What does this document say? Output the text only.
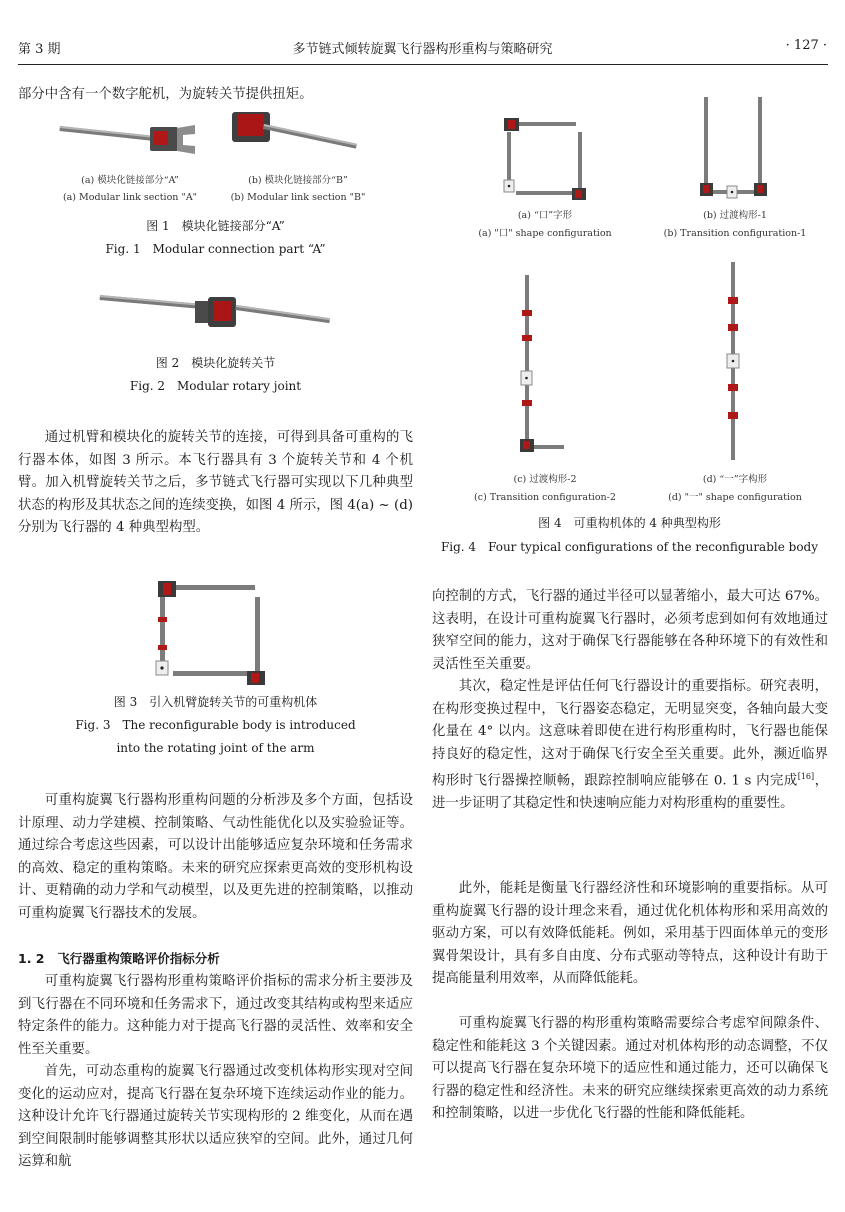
第 3 期	多节链式倾转旋翼飞行器构形重构与策略研究	· 127 ·

部分中含有一个数字舵机，为旋转关节提供扭矩。

(a) 模块化链接部分“A”
(a) Modular link section "A"
(b) 模块化链接部分“B”
(b) Modular link section "B"
图 1　模块化链接部分“A”
Fig. 1　Modular connection part “A”
图 2　模块化旋转关节
Fig. 2　Modular rotary joint

通过机臂和模块化的旋转关节的连接，可得到具备可重构的飞行器本体，如图 3 所示。本飞行器具有 3 个旋转关节和 4 个机臂。加入机臂旋转关节之后，多节链式飞行器可实现以下几种典型状态的构形及其状态之间的连续变换，如图 4 所示，图 4(a) ~ (d) 分别为飞行器的 4 种典型构型。

图 3　引入机臂旋转关节的可重构机体
Fig. 3　The reconfigurable body is introduced
into the rotating joint of the arm

可重构旋翼飞行器构形重构问题的分析涉及多个方面，包括设计原理、动力学建模、控制策略、气动性能优化以及实验验证等。通过综合考虑这些因素，可以设计出能够适应复杂环境和任务需求的高效、稳定的重构策略。未来的研究应探索更高效的变形机构设计、更精确的动力学和气动模型，以及更先进的控制策略，以推动可重构旋翼飞行器技术的发展。

1. 2 飞行器重构策略评价指标分析

可重构旋翼飞行器构形重构策略评价指标的需求分析主要涉及到飞行器在不同环境和任务需求下，通过改变其结构或构型来适应特定条件的能力。这种能力对于提高飞行器的灵活性、效率和安全性至关重要。

首先，可动态重构的旋翼飞行器通过改变机体构形实现对空间变化的运动应对，提高飞行器在复杂环境下连续运动作业的能力。这种设计允许飞行器通过旋转关节实现构形的 2 维变化，从而在遇到空间限制时能够调整其形状以适应狭窄的空间。此外，通过几何运算和航

(a) “口”字形
(a) "口" shape configuration
(b) 过渡构形-1
(b) Transition configuration-1
(c) 过渡构形-2
(c) Transition configuration-2
(d) “一”字构形
(d) "一" shape configuration
图 4　可重构机体的 4 种典型构形
Fig. 4　Four typical configurations of the reconfigurable body

向控制的方式，飞行器的通过半径可以显著缩小，最大可达 67%。这表明，在设计可重构旋翼飞行器时，必须考虑到如何有效地通过狭窄空间的能力，这对于确保飞行器能够在各种环境下的有效性和灵活性至关重要。

其次，稳定性是评估任何飞行器设计的重要指标。研究表明，在构形变换过程中，飞行器姿态稳定，无明显突变，各轴向最大变化量在 4° 以内。这意味着即使在进行构形重构时，飞行器也能保持良好的稳定性，这对于确保飞行安全至关重要。此外，濒近临界构形时飞行器操控顺畅，跟踪控制响应能够在 0. 1 s 内完成[16]，进一步证明了其稳定性和快速响应能力对构形重构的重要性。

此外，能耗是衡量飞行器经济性和环境影响的重要指标。从可重构旋翼飞行器的设计理念来看，通过优化机体构形和采用高效的驱动方案，可以有效降低能耗。例如，采用基于四面体单元的变形翼骨架设计，具有多自由度、分布式驱动等特点，这种设计有助于提高能量利用效率，从而降低能耗。

可重构旋翼飞行器的构形重构策略需要综合考虑窄间隙条件、稳定性和能耗这 3 个关键因素。通过对机体构形的动态调整，不仅可以提高飞行器在复杂环境下的适应性和通过能力，还可以确保飞行器的稳定性和经济性。未来的研究应继续探索更高效的动力系统和控制策略，以进一步优化飞行器的性能和降低能耗。
